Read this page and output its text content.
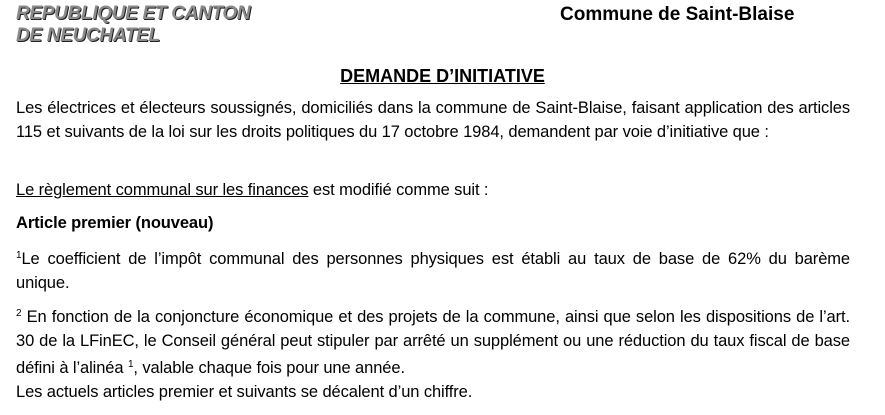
REPUBLIQUE ET CANTON
DE NEUCHATEL
Commune de Saint-Blaise
DEMANDE D’INITIATIVE
Les électrices et électeurs soussignés, domiciliés dans la commune de Saint-Blaise, faisant application des articles 115 et suivants de la loi sur les droits politiques du 17 octobre 1984, demandent par voie d’initiative que :
Le règlement communal sur les finances est modifié comme suit :
Article premier (nouveau)
$^1$Le coefficient de l’impôt communal des personnes physiques est établi au taux de base de 62% du barème unique.
$^2$ En fonction de la conjoncture économique et des projets de la commune, ainsi que selon les dispositions de l’art. 30 de la LFinEC, le Conseil général peut stipuler par arrêté un supplément ou une réduction du taux fiscal de base défini à l’alinéa $^1$, valable chaque fois pour une année.
Les actuels articles premier et suivants se décalent d’un chiffre.
